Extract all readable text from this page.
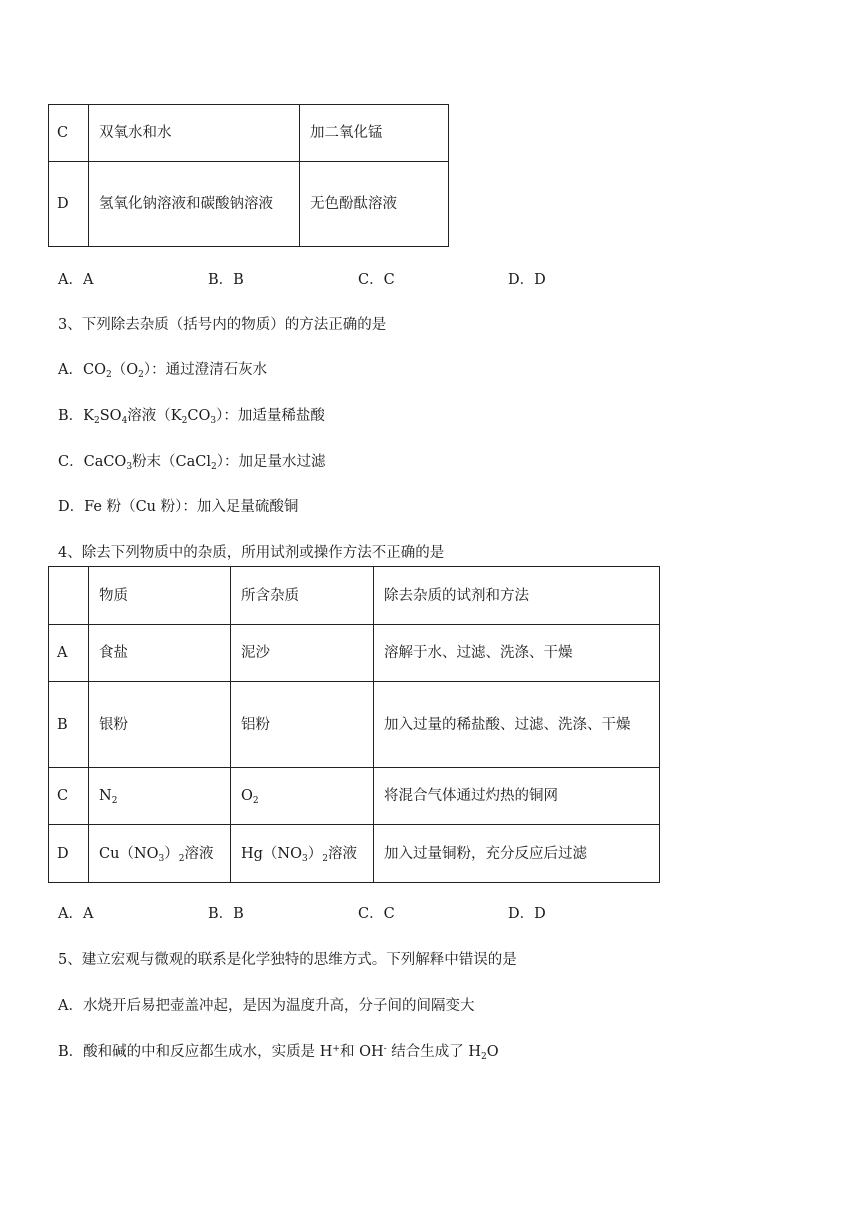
C	双氧水和水	加二氧化锰
D	氢氧化钠溶液和碳酸钠溶液	无色酚酞溶液
A．A	B．B	C．C	D．D
3、下列除去杂质（括号内的物质）的方法正确的是
A．$CO_2(O_2)$：通过澄清石灰水
B．$K_2SO_4$溶液$(K_2CO_3)$：加适量稀盐酸
C．CaCO$_3$粉末（CaCl$_2$）：加足量水过滤
D．Fe 粉（Cu 粉）：加入足量硫酸铜
4、除去下列物质中的杂质，所用试剂或操作方法不正确的是
	物质	所含杂质	除去杂质的试剂和方法
A	食盐	泥沙	溶解于水、过滤、洗涤、干燥
B	银粉	铝粉	加入过量的稀盐酸、过滤、洗涤、干燥
C	$N_2$	$O_2$	将混合气体通过灼热的铜网
D	$Cu(NO_3)_2$溶液	$Hg(NO_3)_2$溶液	加入过量铜粉，充分反应后过滤
A．A	B．B	C．C	D．D
5、建立宏观与微观的联系是化学独特的思维方式。下列解释中错误的是
A．水烧开后易把壶盖冲起，是因为温度升高，分子间的间隔变大
B．酸和碱的中和反应都生成水，实质是 H+和 OH- 结合生成了 $H_2O$
